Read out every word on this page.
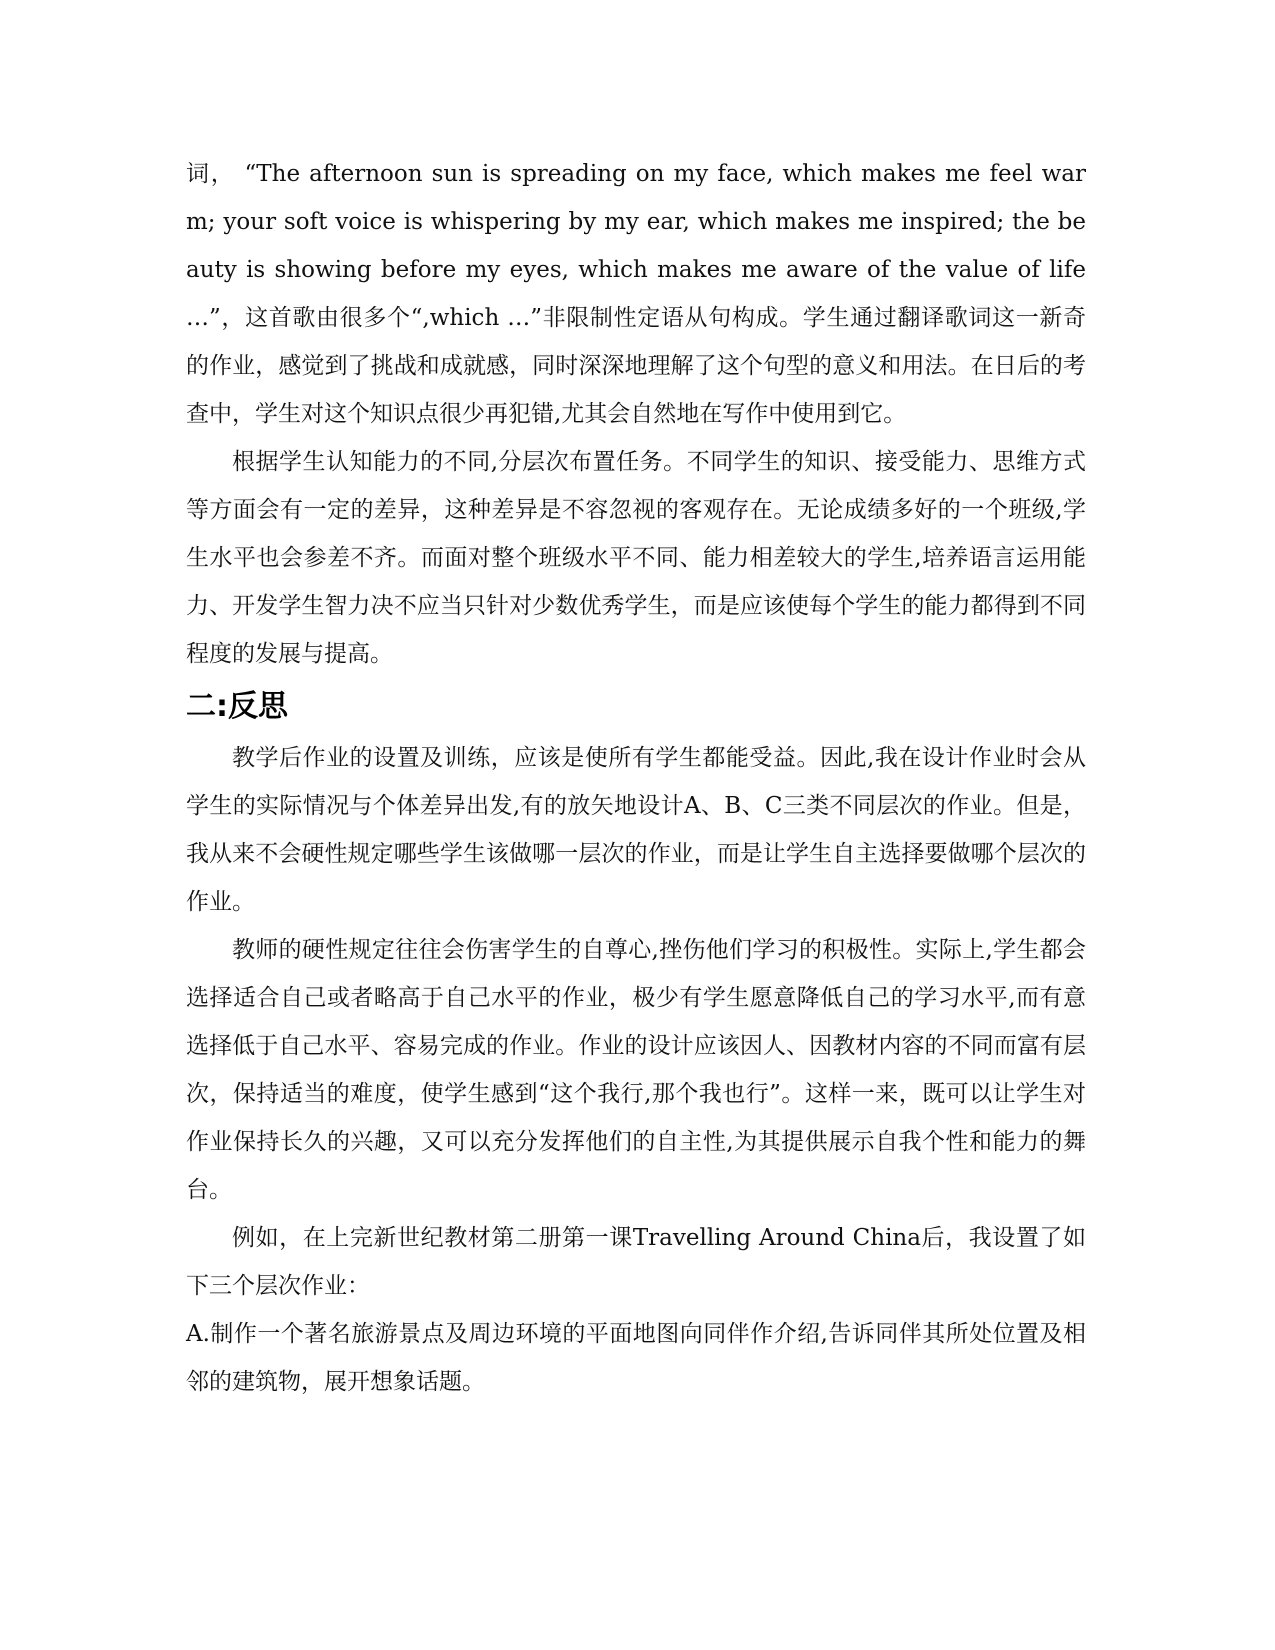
词， “The afternoon sun is spreading on my face, which makes me feel warm; your soft voice is whispering by my ear, which makes me inspired; the beauty is showing before my eyes, which makes me aware of the value of life …”，这首歌由很多个“,which …”非限制性定语从句构成。学生通过翻译歌词这一新奇的作业，感觉到了挑战和成就感，同时深深地理解了这个句型的意义和用法。在日后的考查中，学生对这个知识点很少再犯错,尤其会自然地在写作中使用到它。

根据学生认知能力的不同,分层次布置任务。不同学生的知识、接受能力、思维方式等方面会有一定的差异，这种差异是不容忽视的客观存在。无论成绩多好的一个班级,学生水平也会参差不齐。而面对整个班级水平不同、能力相差较大的学生,培养语言运用能力、开发学生智力决不应当只针对少数优秀学生，而是应该使每个学生的能力都得到不同程度的发展与提高。

二:反思

教学后作业的设置及训练，应该是使所有学生都能受益。因此,我在设计作业时会从学生的实际情况与个体差异出发,有的放矢地设计A、B、C三类不同层次的作业。但是，我从来不会硬性规定哪些学生该做哪一层次的作业，而是让学生自主选择要做哪个层次的作业。

教师的硬性规定往往会伤害学生的自尊心,挫伤他们学习的积极性。实际上,学生都会选择适合自己或者略高于自己水平的作业，极少有学生愿意降低自己的学习水平,而有意选择低于自己水平、容易完成的作业。作业的设计应该因人、因教材内容的不同而富有层次，保持适当的难度，使学生感到“这个我行,那个我也行”。这样一来，既可以让学生对作业保持长久的兴趣，又可以充分发挥他们的自主性,为其提供展示自我个性和能力的舞台。

例如，在上完新世纪教材第二册第一课Travelling Around China后，我设置了如下三个层次作业：

A.制作一个著名旅游景点及周边环境的平面地图向同伴作介绍,告诉同伴其所处位置及相邻的建筑物，展开想象话题。
